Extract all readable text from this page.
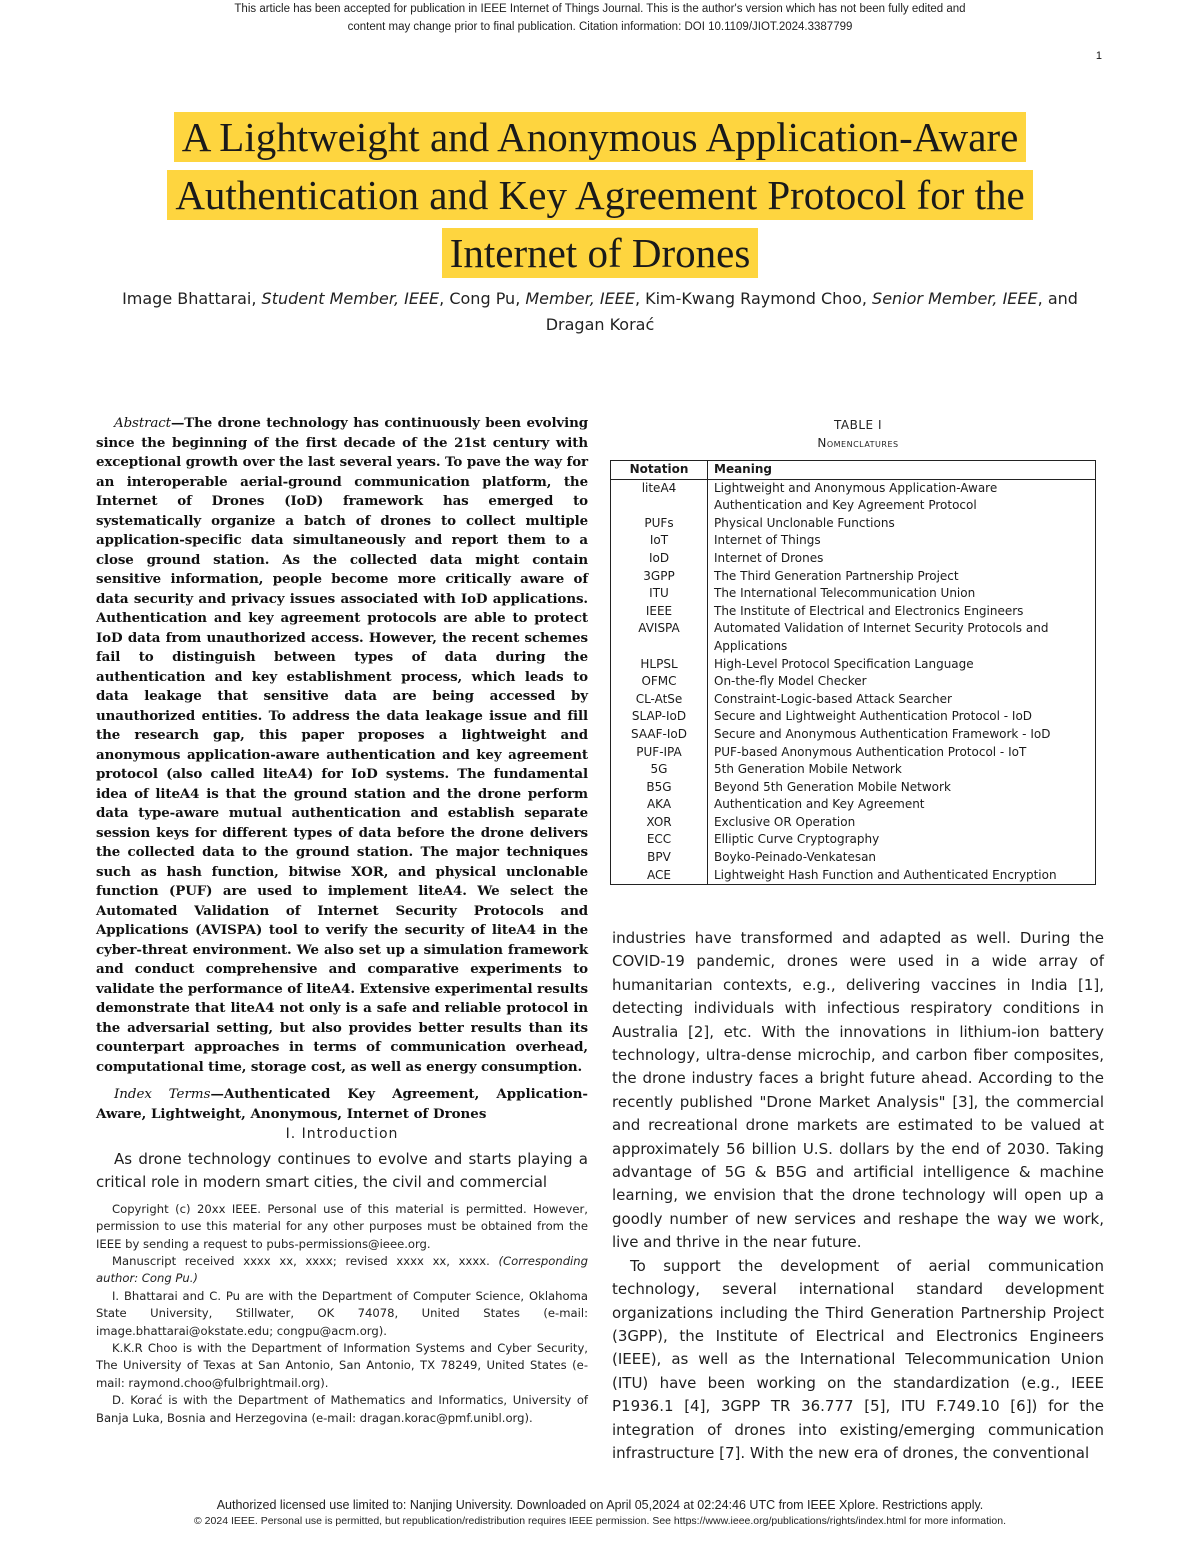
This article has been accepted for publication in IEEE Internet of Things Journal. This is the author's version which has not been fully edited and
content may change prior to final publication. Citation information: DOI 10.1109/JIOT.2024.3387799
1
A Lightweight and Anonymous Application-Aware
Authentication and Key Agreement Protocol for the
Internet of Drones
Image Bhattarai, Student Member, IEEE, Cong Pu, Member, IEEE, Kim-Kwang Raymond Choo, Senior Member, IEEE, and Dragan Korać

Abstract—The drone technology has continuously been evolving since the beginning of the first decade of the 21st century with exceptional growth over the last several years. To pave the way for an interoperable aerial-ground communication platform, the Internet of Drones (IoD) framework has emerged to systematically organize a batch of drones to collect multiple application-specific data simultaneously and report them to a close ground station. As the collected data might contain sensitive information, people become more critically aware of data security and privacy issues associated with IoD applications. Authentication and key agreement protocols are able to protect IoD data from unauthorized access. However, the recent schemes fail to distinguish between types of data during the authentication and key establishment process, which leads to data leakage that sensitive data are being accessed by unauthorized entities. To address the data leakage issue and fill the research gap, this paper proposes a lightweight and anonymous application-aware authentication and key agreement protocol (also called liteA4) for IoD systems. The fundamental idea of liteA4 is that the ground station and the drone perform data type-aware mutual authentication and establish separate session keys for different types of data before the drone delivers the collected data to the ground station. The major techniques such as hash function, bitwise XOR, and physical unclonable function (PUF) are used to implement liteA4. We select the Automated Validation of Internet Security Protocols and Applications (AVISPA) tool to verify the security of liteA4 in the cyber-threat environment. We also set up a simulation framework and conduct comprehensive and comparative experiments to validate the performance of liteA4. Extensive experimental results demonstrate that liteA4 not only is a safe and reliable protocol in the adversarial setting, but also provides better results than its counterpart approaches in terms of communication overhead, computational time, storage cost, as well as energy consumption.

Index Terms—Authenticated Key Agreement, Application-Aware, Lightweight, Anonymous, Internet of Drones
I. Introduction

As drone technology continues to evolve and starts playing a critical role in modern smart cities, the civil and commercial

Copyright (c) 20xx IEEE. Personal use of this material is permitted. However, permission to use this material for any other purposes must be obtained from the IEEE by sending a request to pubs-permissions@ieee.org.

Manuscript received xxxx xx, xxxx; revised xxxx xx, xxxx. (Corresponding author: Cong Pu.)

I. Bhattarai and C. Pu are with the Department of Computer Science, Oklahoma State University, Stillwater, OK 74078, United States (e-mail: image.bhattarai@okstate.edu; congpu@acm.org).

K.K.R Choo is with the Department of Information Systems and Cyber Security, The University of Texas at San Antonio, San Antonio, TX 78249, United States (e-mail: raymond.choo@fulbrightmail.org).

D. Korać is with the Department of Mathematics and Informatics, University of Banja Luka, Bosnia and Herzegovina (e-mail: dragan.korac@pmf.unibl.org).

TABLE I
Nomenclatures
Notation	Meaning
liteA4	Lightweight and Anonymous Application-Aware Authentication and Key Agreement Protocol
PUFs	Physical Unclonable Functions
IoT	Internet of Things
IoD	Internet of Drones
3GPP	The Third Generation Partnership Project
ITU	The International Telecommunication Union
IEEE	The Institute of Electrical and Electronics Engineers
AVISPA	Automated Validation of Internet Security Protocols and Applications
HLPSL	High-Level Protocol Specification Language
OFMC	On-the-fly Model Checker
CL-AtSe	Constraint-Logic-based Attack Searcher
SLAP-IoD	Secure and Lightweight Authentication Protocol - IoD
SAAF-IoD	Secure and Anonymous Authentication Framework - IoD
PUF-IPA	PUF-based Anonymous Authentication Protocol - IoT
5G	5th Generation Mobile Network
B5G	Beyond 5th Generation Mobile Network
AKA	Authentication and Key Agreement
XOR	Exclusive OR Operation
ECC	Elliptic Curve Cryptography
BPV	Boyko-Peinado-Venkatesan
ACE	Lightweight Hash Function and Authenticated Encryption

industries have transformed and adapted as well. During the COVID-19 pandemic, drones were used in a wide array of humanitarian contexts, e.g., delivering vaccines in India [1], detecting individuals with infectious respiratory conditions in Australia [2], etc. With the innovations in lithium-ion battery technology, ultra-dense microchip, and carbon fiber composites, the drone industry faces a bright future ahead. According to the recently published "Drone Market Analysis" [3], the commercial and recreational drone markets are estimated to be valued at approximately 56 billion U.S. dollars by the end of 2030. Taking advantage of 5G & B5G and artificial intelligence & machine learning, we envision that the drone technology will open up a goodly number of new services and reshape the way we work, live and thrive in the near future.

To support the development of aerial communication technology, several international standard development organizations including the Third Generation Partnership Project (3GPP), the Institute of Electrical and Electronics Engineers (IEEE), as well as the International Telecommunication Union (ITU) have been working on the standardization (e.g., IEEE P1936.1 [4], 3GPP TR 36.777 [5], ITU F.749.10 [6]) for the integration of drones into existing/emerging communication infrastructure [7]. With the new era of drones, the conventional

Authorized licensed use limited to: Nanjing University. Downloaded on April 05,2024 at 02:24:46 UTC from IEEE Xplore. Restrictions apply.
© 2024 IEEE. Personal use is permitted, but republication/redistribution requires IEEE permission. See https://www.ieee.org/publications/rights/index.html for more information.
